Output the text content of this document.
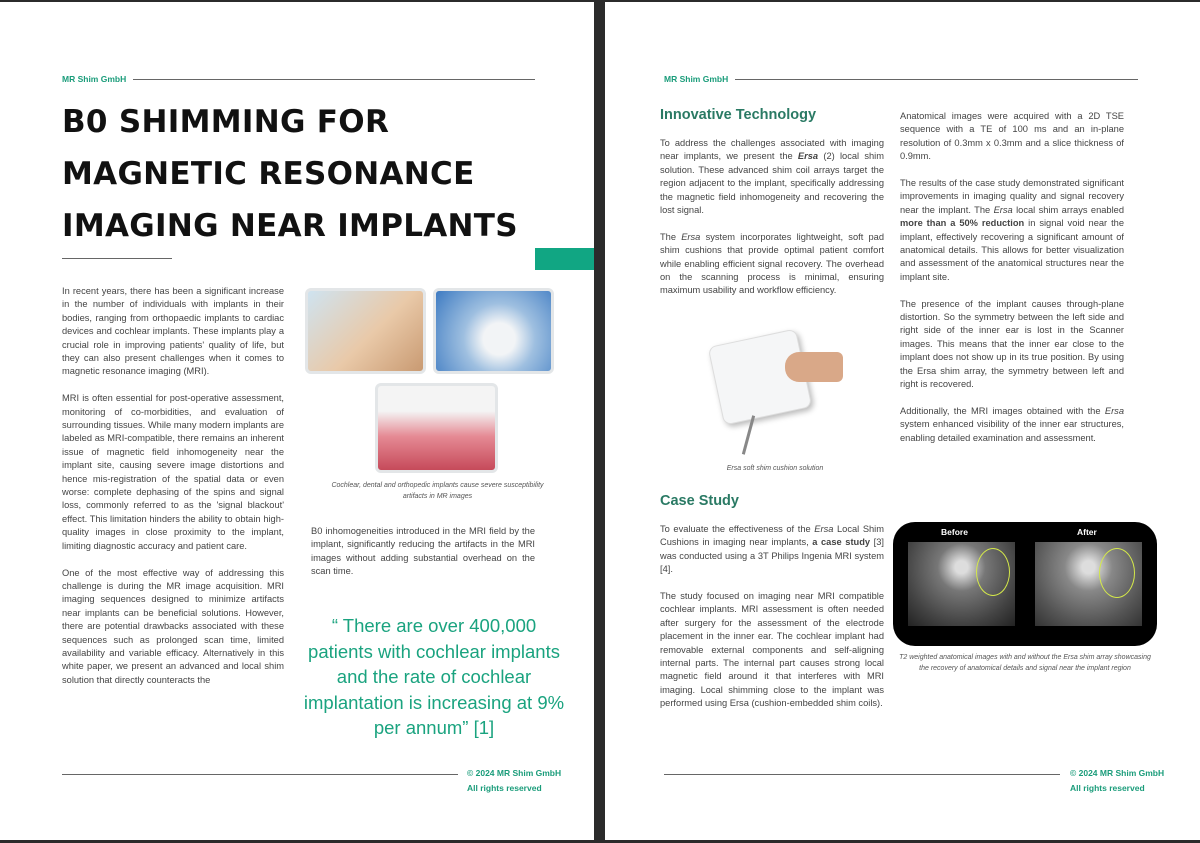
MR Shim GmbH
B0 SHIMMING FOR MAGNETIC RESONANCE IMAGING NEAR IMPLANTS

In recent years, there has been a significant increase in the number of individuals with implants in their bodies, ranging from orthopaedic implants to cardiac devices and cochlear implants. These implants play a crucial role in improving patients' quality of life, but they can also present challenges when it comes to magnetic resonance imaging (MRI).

MRI is often essential for post-operative assessment, monitoring of co-morbidities, and evaluation of surrounding tissues. While many modern implants are labeled as MRI-compatible, there remains an inherent issue of magnetic field inhomogeneity near the implant site, causing severe image distortions and hence mis-registration of the spatial data or even worse: complete dephasing of the spins and signal loss, commonly referred to as the 'signal blackout' effect. This limitation hinders the ability to obtain high-quality images in close proximity to the implant, limiting diagnostic accuracy and patient care.

One of the most effective way of addressing this challenge is during the MR image acquisition. MRI imaging sequences designed to minimize artifacts near implants can be beneficial solutions. However, there are potential drawbacks associated with these sequences such as prolonged scan time, limited availability and variable efficacy. Alternatively in this white paper, we present an advanced and local shim solution that directly counteracts the

Cochlear, dental and orthopedic implants cause severe susceptibility artifacts in MR images
B0 inhomogeneities introduced in the MRI field by the implant, significantly reducing the artifacts in the MRI images without adding substantial overhead on the scan time.
“ There are over 400,000 patients with cochlear implants and the rate of cochlear implantation is increasing at 9% per annum” [1]
© 2024 MR Shim GmbH
All rights reserved
MR Shim GmbH
Innovative Technology

To address the challenges associated with imaging near implants, we present the Ersa (2) local shim solution. These advanced shim coil arrays target the region adjacent to the implant, specifically addressing the magnetic field inhomogeneity and recovering the lost signal.

The Ersa system incorporates lightweight, soft pad shim cushions that provide optimal patient comfort while enabling efficient signal recovery. The overhead on the scanning process is minimal, ensuring maximum usability and workflow efficiency.

Ersa soft shim cushion solution
Case Study

To evaluate the effectiveness of the Ersa Local Shim Cushions in imaging near implants, a case study [3] was conducted using a 3T Philips Ingenia MRI system [4].

The study focused on imaging near MRI compatible cochlear implants. MRI assessment is often needed after surgery for the assessment of the electrode placement in the inner ear. The cochlear implant had removable external components and self-aligning internal parts. The internal part causes strong local magnetic field around it that interferes with MRI imaging. Local shimming close to the implant was performed using Ersa (cushion-embedded shim coils).

Anatomical images were acquired with a 2D TSE sequence with a TE of 100 ms and an in-plane resolution of 0.3mm x 0.3mm and a slice thickness of 0.9mm.

The results of the case study demonstrated significant improvements in imaging quality and signal recovery near the implant. The Ersa local shim arrays enabled more than a 50% reduction in signal void near the implant, effectively recovering a significant amount of anatomical details. This allows for better visualization and assessment of the anatomical structures near the implant site.

The presence of the implant causes through-plane distortion. So the symmetry between the left side and right side of the inner ear is lost in the Scanner images. This means that the inner ear close to the implant does not show up in its true position. By using the Ersa shim array, the symmetry between left and right is recovered.

Additionally, the MRI images obtained with the Ersa system enhanced visibility of the inner ear structures, enabling detailed examination and assessment.

Before	After
T2 weighted anatomical images with and without the Ersa shim array showcasing the recovery of anatomical details and signal near the implant region
© 2024 MR Shim GmbH
All rights reserved
